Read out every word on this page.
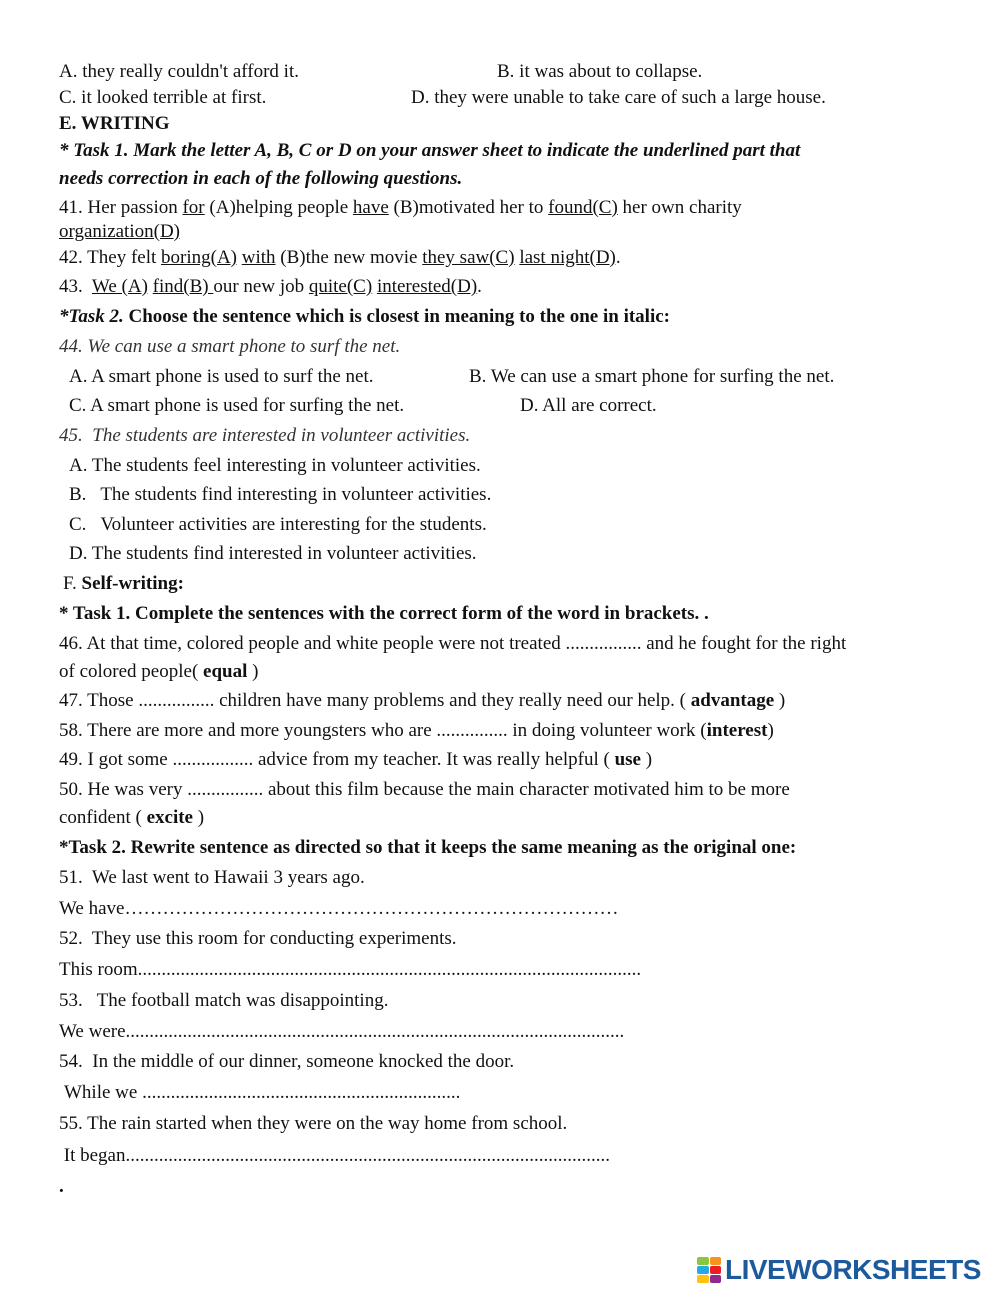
A. they really couldn't afford it.	B. it was about to collapse.
C. it looked terrible at first.	D. they were unable to take care of such a large house.
E. WRITING
* Task 1. Mark the letter A, B, C or D on your answer sheet to indicate the underlined part that
needs correction in each of the following questions.
41. Her passion for (A)helping people have (B)motivated her to found(C) her own charity
organization(D)
42. They felt boring(A) with (B)the new movie they saw(C) last night(D).
43.  We (A) find(B) our new job quite(C) interested(D).
*Task 2. Choose the sentence which is closest in meaning to the one in italic:
44. We can use a smart phone to surf the net.
A. A smart phone is used to surf the net.	B. We can use a smart phone for surfing the net.
C. A smart phone is used for surfing the net.	D. All are correct.
45.  The students are interested in volunteer activities.
A. The students feel interesting in volunteer activities.
B.   The students find interesting in volunteer activities.
C.   Volunteer activities are interesting for the students.
D. The students find interested in volunteer activities.
F. Self-writing:
* Task 1. Complete the sentences with the correct form of the word in brackets. .
46. At that time, colored people and white people were not treated ................ and he fought for the right
of colored people( equal )
47. Those ................ children have many problems and they really need our help. ( advantage )
58. There are more and more youngsters who are ............... in doing volunteer work (interest)
49. I got some ................. advice from my teacher. It was really helpful ( use )
50. He was very ................ about this film because the main character motivated him to be more
confident ( excite )
*Task 2. Rewrite sentence as directed so that it keeps the same meaning as the original one:
51.  We last went to Hawaii 3 years ago.
We have……………………………………………………………………
52.  They use this room for conducting experiments.
This room..........................................................................................................
53.   The football match was disappointing.
We were.........................................................................................................
54.  In the middle of our dinner, someone knocked the door.
While we ...................................................................
55. The rain started when they were on the way home from school.
It began......................................................................................................
.
LIVEWORKSHEETS
